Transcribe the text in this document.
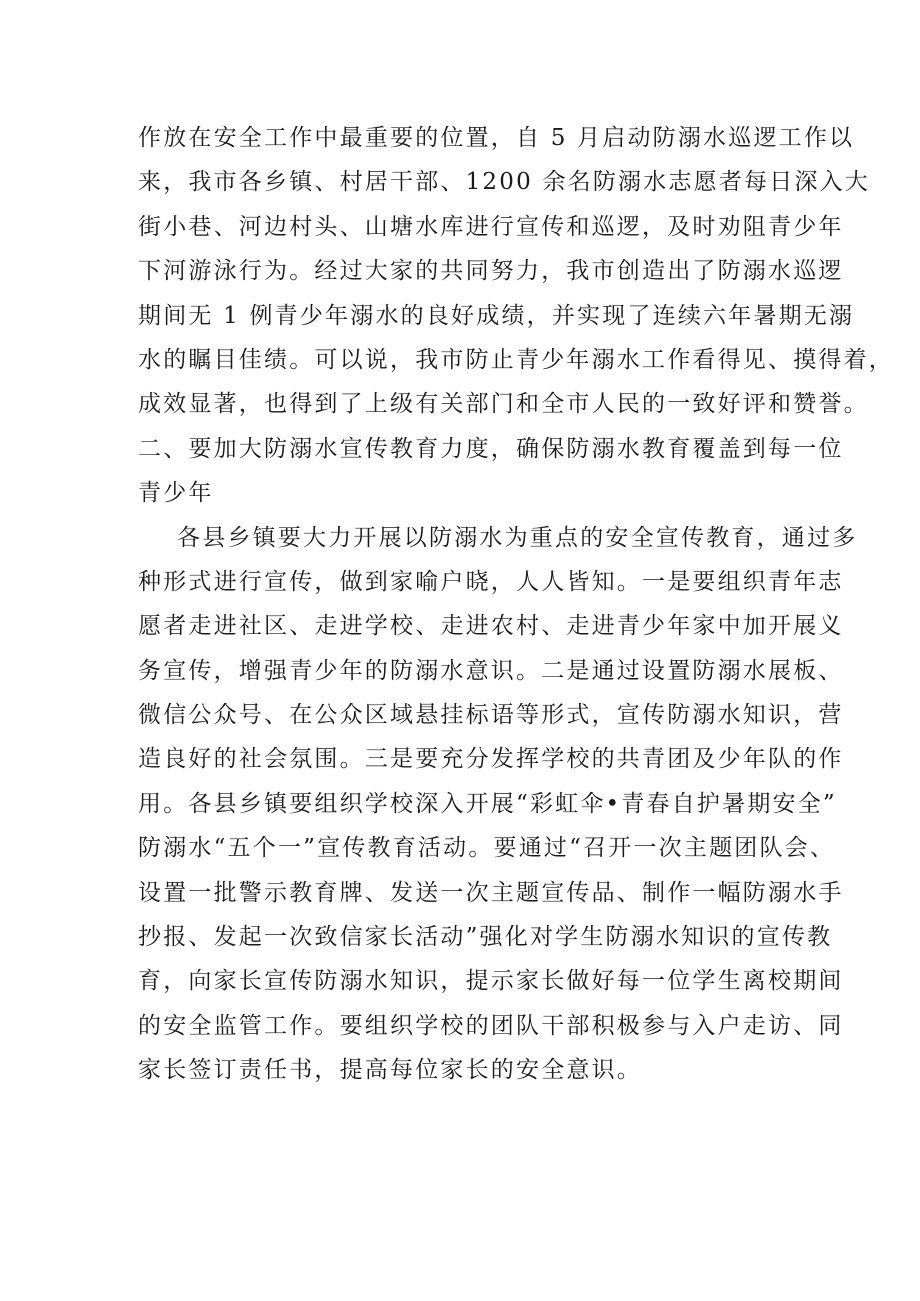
作放在安全工作中最重要的位置，自 5 月启动防溺水巡逻工作以
来，我市各乡镇、村居干部、1200 余名防溺水志愿者每日深入大
街小巷、河边村头、山塘水库进行宣传和巡逻，及时劝阻青少年
下河游泳行为。经过大家的共同努力，我市创造出了防溺水巡逻
期间无 1 例青少年溺水的良好成绩，并实现了连续六年暑期无溺
水的瞩目佳绩。可以说，我市防止青少年溺水工作看得见、摸得着，
成效显著，也得到了上级有关部门和全市人民的一致好评和赞誉。
二、要加大防溺水宣传教育力度，确保防溺水教育覆盖到每一位
青少年
各县乡镇要大力开展以防溺水为重点的安全宣传教育，通过多
种形式进行宣传，做到家喻户晓，人人皆知。一是要组织青年志
愿者走进社区、走进学校、走进农村、走进青少年家中加开展义
务宣传，增强青少年的防溺水意识。二是通过设置防溺水展板、
微信公众号、在公众区域悬挂标语等形式，宣传防溺水知识，营
造良好的社会氛围。三是要充分发挥学校的共青团及少年队的作
用。各县乡镇要组织学校深入开展“彩虹伞•青春自护暑期安全”
防溺水“五个一”宣传教育活动。要通过“召开一次主题团队会、
设置一批警示教育牌、发送一次主题宣传品、制作一幅防溺水手
抄报、发起一次致信家长活动”强化对学生防溺水知识的宣传教
育，向家长宣传防溺水知识，提示家长做好每一位学生离校期间
的安全监管工作。要组织学校的团队干部积极参与入户走访、同
家长签订责任书，提高每位家长的安全意识。
